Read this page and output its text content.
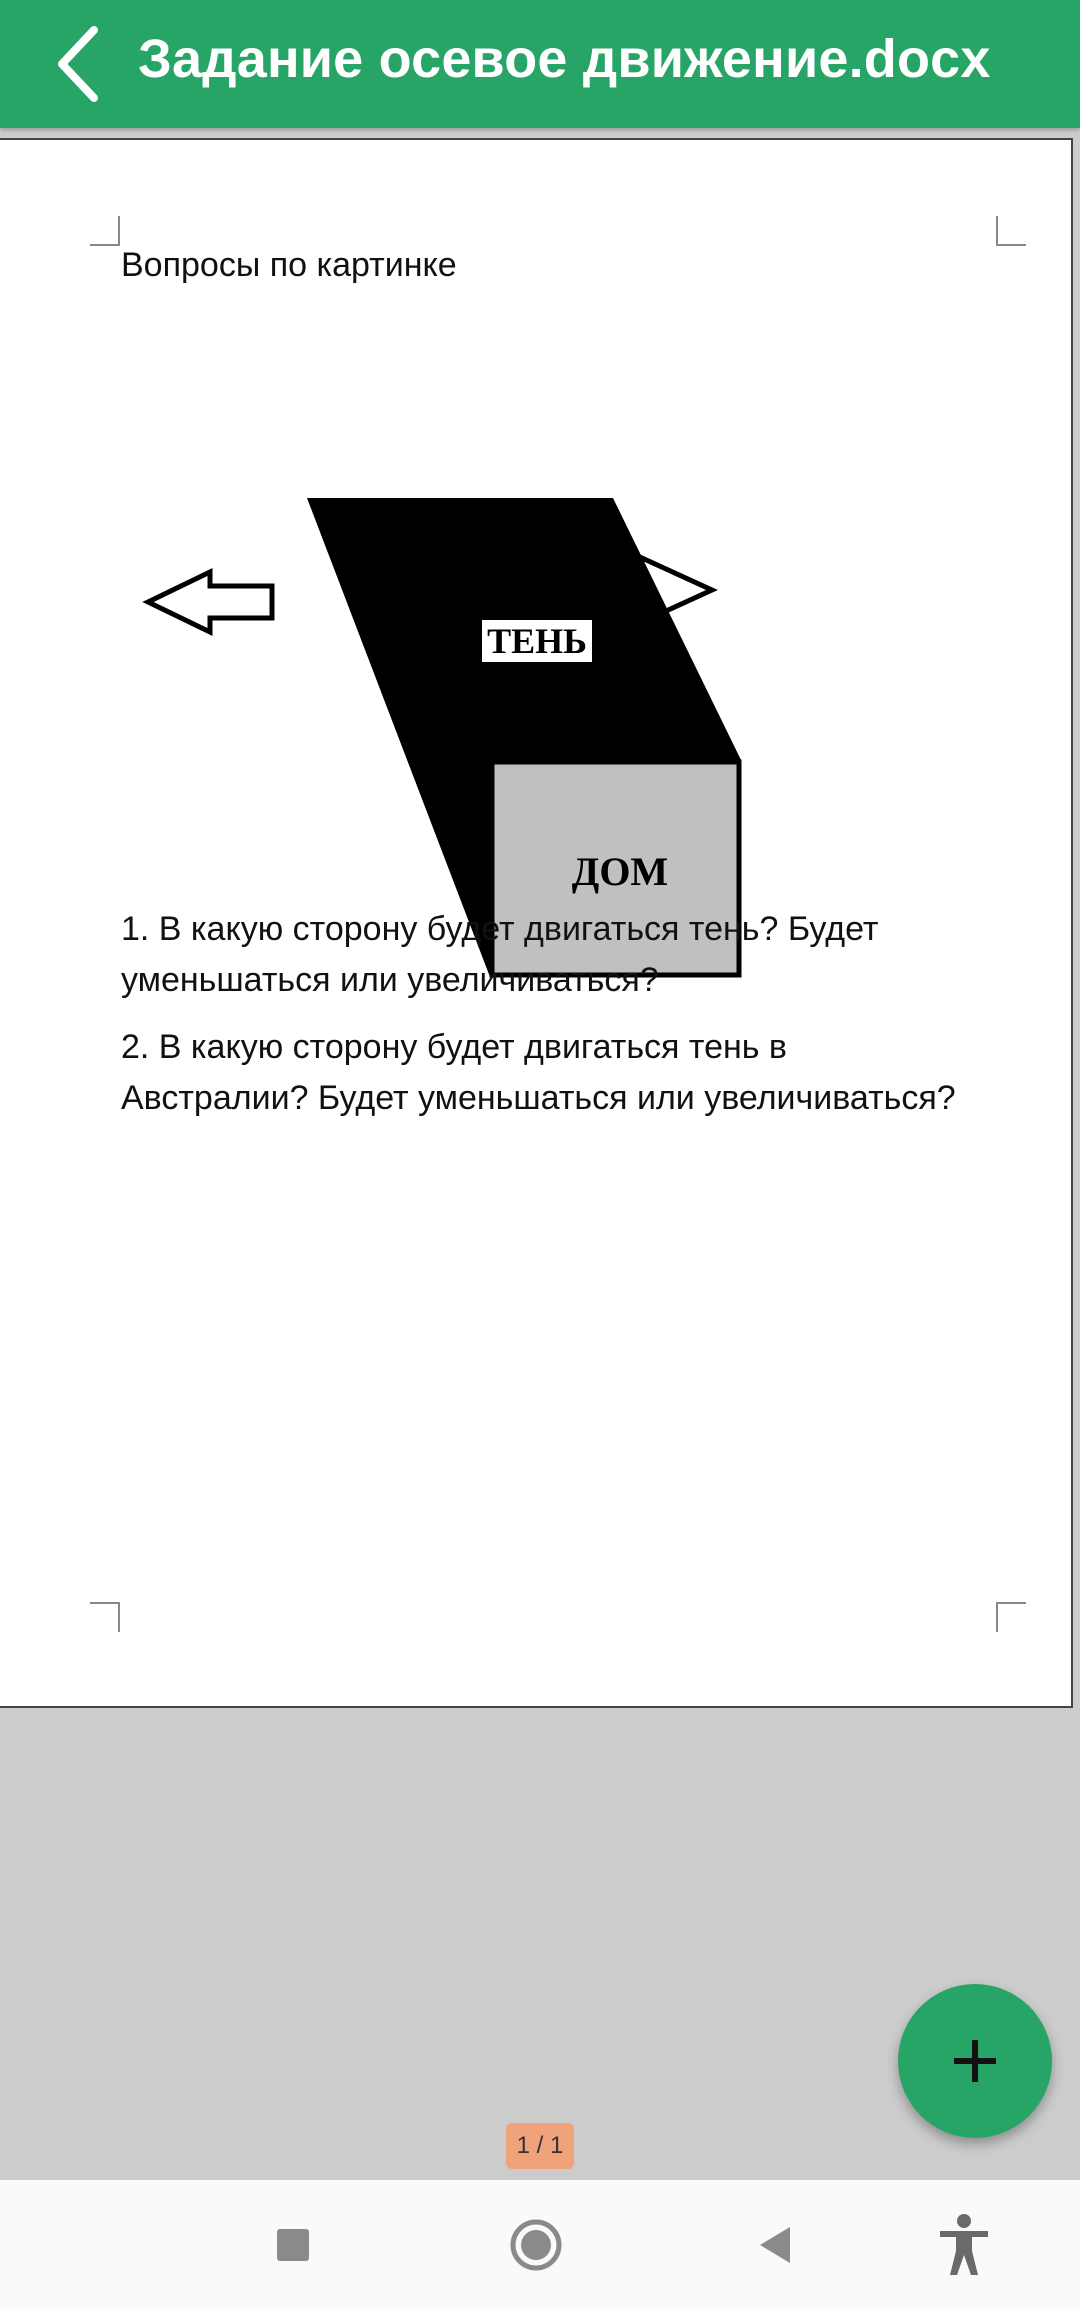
Задание осевое движение.docx
Вопросы по картинке
ТЕНЬ
ДОМ
1. В какую сторону будет двигаться тень? Будет уменьшаться или увеличиваться?
2. В какую сторону будет двигаться тень в Австралии? Будет уменьшаться или увеличиваться?
1 / 1
